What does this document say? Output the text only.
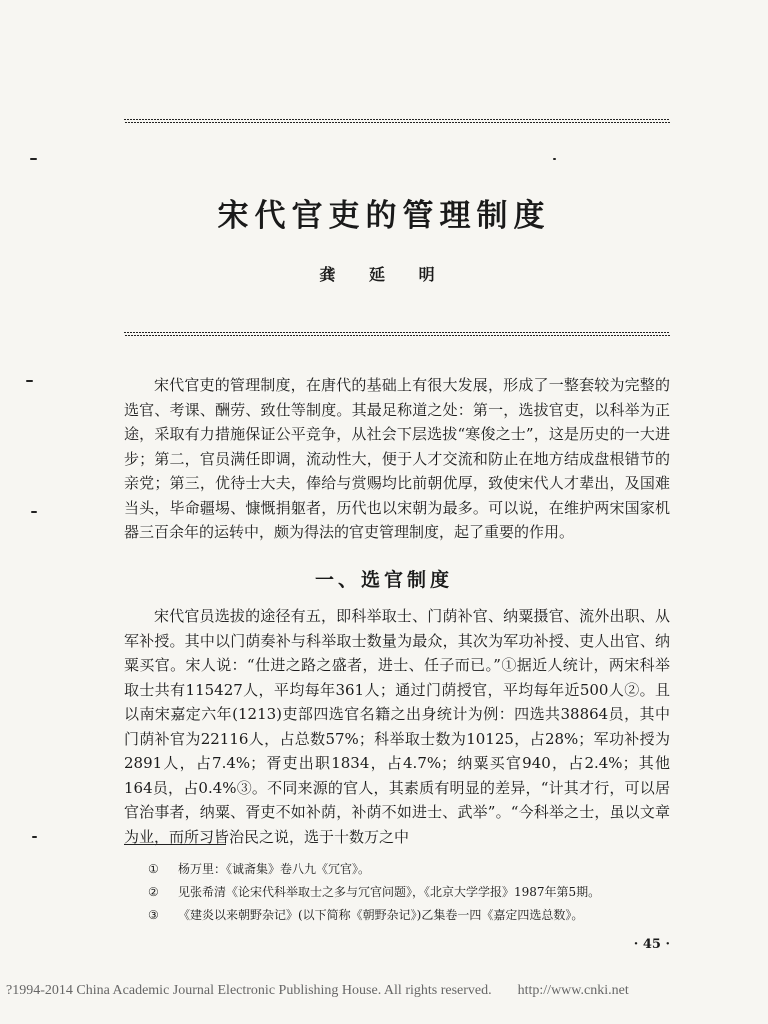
宋代官吏的管理制度
龚 延 明

宋代官吏的管理制度，在唐代的基础上有很大发展，形成了一整套较为完整的选官、考课、酬劳、致仕等制度。其最足称道之处：第一，选拔官吏，以科举为正途，采取有力措施保证公平竞争，从社会下层选拔“寒俊之士”，这是历史的一大进步；第二，官员满任即调，流动性大，便于人才交流和防止在地方结成盘根错节的亲党；第三，优待士大夫，俸给与赏赐均比前朝优厚，致使宋代人才辈出，及国难当头，毕命疆埸、慷慨捐躯者，历代也以宋朝为最多。可以说，在维护两宋国家机器三百余年的运转中，颇为得法的官吏管理制度，起了重要的作用。

一、选官制度

宋代官员选拔的途径有五，即科举取士、门荫补官、纳粟摄官、流外出职、从军补授。其中以门荫奏补与科举取士数量为最众，其次为军功补授、吏人出官、纳粟买官。宋人说：“仕进之路之盛者，进士、任子而已。”①据近人统计，两宋科举取士共有115427人，平均每年361人；通过门荫授官，平均每年近500人②。且以南宋嘉定六年(1213)吏部四选官名籍之出身统计为例：四选共38864员，其中门荫补官为22116人，占总数57%；科举取士数为10125，占28%；军功补授为2891人，占7.4%；胥吏出职1834，占4.7%；纳粟买官940，占2.4%；其他164员，占0.4%③。不同来源的官人，其素质有明显的差异，“计其才行，可以居官治事者，纳粟、胥吏不如补荫，补荫不如进士、武举”。“今科举之士，虽以文章为业，而所习皆治民之说，选于十数万之中

① 杨万里：《诚斋集》卷八九《冗官》。
② 见张希清《论宋代科举取士之多与冗官问题》，《北京大学学报》1987年第5期。
③ 《建炎以来朝野杂记》(以下简称《朝野杂记》)乙集卷一四《嘉定四选总数》。
· 45 ·
?1994-2014 China Academic Journal Electronic Publishing House. All rights reserved. http://www.cnki.net
